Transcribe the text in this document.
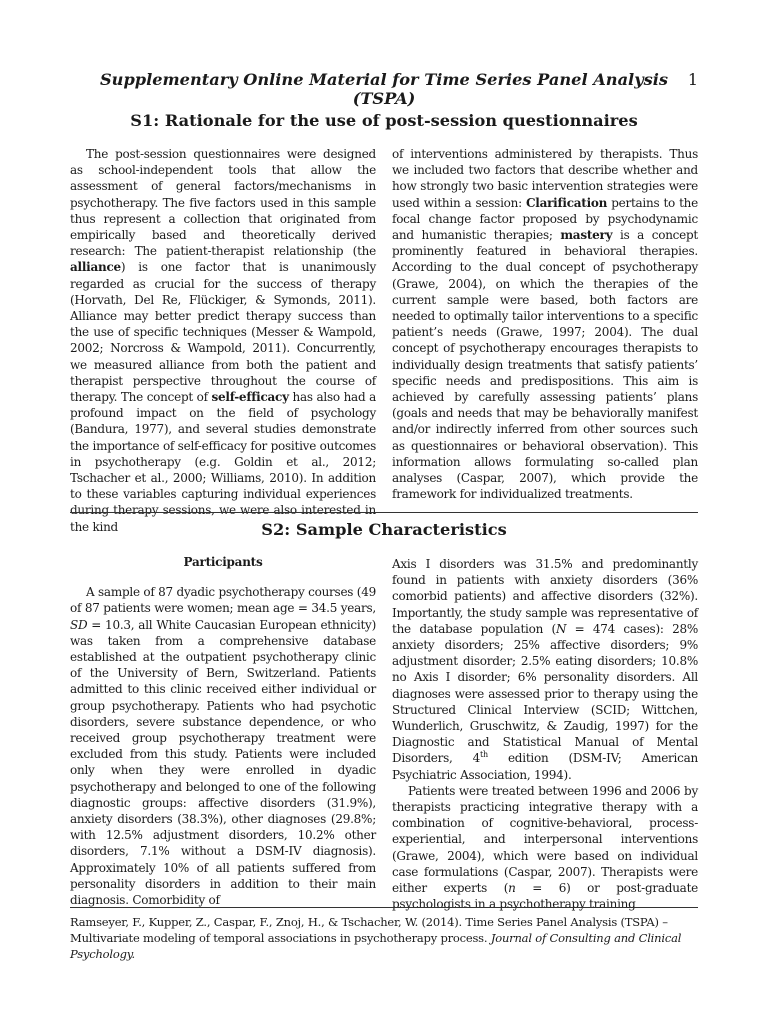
Supplementary Online Material for Time Series Panel Analysis (TSPA)
1
S1: Rationale for the use of post-session questionnaires

The post-session questionnaires were designed as school-independent tools that allow the assessment of general factors/mechanisms in psychotherapy. The five factors used in this sample thus represent a collection that originated from empirically based and theoretically derived research: The patient-therapist relationship (the alliance) is one factor that is unanimously regarded as crucial for the success of therapy (Horvath, Del Re, Flückiger, & Symonds, 2011). Alliance may better predict therapy success than the use of specific techniques (Messer & Wampold, 2002; Norcross & Wampold, 2011). Concurrently, we measured alliance from both the patient and therapist perspective throughout the course of therapy. The concept of self-efficacy has also had a profound impact on the field of psychology (Bandura, 1977), and several studies demonstrate the importance of self-efficacy for positive outcomes in psychotherapy (e.g. Goldin et al., 2012; Tschacher et al., 2000; Williams, 2010). In addition to these variables capturing individual experiences during therapy sessions, we were also interested in the kind

of interventions administered by therapists. Thus we included two factors that describe whether and how strongly two basic intervention strategies were used within a session: Clarification pertains to the focal change factor proposed by psychodynamic and humanistic therapies; mastery is a concept prominently featured in behavioral therapies. According to the dual concept of psychotherapy (Grawe, 2004), on which the therapies of the current sample were based, both factors are needed to optimally tailor interventions to a specific patient’s needs (Grawe, 1997; 2004). The dual concept of psychotherapy encourages therapists to individually design treatments that satisfy patients’ specific needs and predispositions. This aim is achieved by carefully assessing patients’ plans (goals and needs that may be behaviorally manifest and/or indirectly inferred from other sources such as questionnaires or behavioral observation). This information allows formulating so-called plan analyses (Caspar, 2007), which provide the framework for individualized treatments.

S2: Sample Characteristics

Participants

A sample of 87 dyadic psychotherapy courses (49 of 87 patients were women; mean age = 34.5 years, SD = 10.3, all White Caucasian European ethnicity) was taken from a comprehensive database established at the outpatient psychotherapy clinic of the University of Bern, Switzerland. Patients admitted to this clinic received either individual or group psychotherapy. Patients who had psychotic disorders, severe substance dependence, or who received group psychotherapy treatment were excluded from this study. Patients were included only when they were enrolled in dyadic psychotherapy and belonged to one of the following diagnostic groups: affective disorders (31.9%), anxiety disorders (38.3%), other diagnoses (29.8%; with 12.5% adjustment disorders, 10.2% other disorders, 7.1% without a DSM-IV diagnosis). Approximately 10% of all patients suffered from personality disorders in addition to their main diagnosis. Comorbidity of

Axis I disorders was 31.5% and predominantly found in patients with anxiety disorders (36% comorbid patients) and affective disorders (32%). Importantly, the study sample was representative of the database population (N = 474 cases): 28% anxiety disorders; 25% affective disorders; 9% adjustment disorder; 2.5% eating disorders; 10.8% no Axis I disorder; 6% personality disorders. All diagnoses were assessed prior to therapy using the Structured Clinical Interview (SCID; Wittchen, Wunderlich, Gruschwitz, & Zaudig, 1997) for the Diagnostic and Statistical Manual of Mental Disorders, 4th edition (DSM-IV; American Psychiatric Association, 1994).

Patients were treated between 1996 and 2006 by therapists practicing integrative therapy with a combination of cognitive-behavioral, process-experiential, and interpersonal interventions (Grawe, 2004), which were based on individual case formulations (Caspar, 2007). Therapists were either experts (n = 6) or post-graduate psychologists in a psychotherapy training

Ramseyer, F., Kupper, Z., Caspar, F., Znoj, H., & Tschacher, W. (2014). Time Series Panel Analysis (TSPA) – Multivariate modeling of temporal associations in psychotherapy process. Journal of Consulting and Clinical Psychology.
